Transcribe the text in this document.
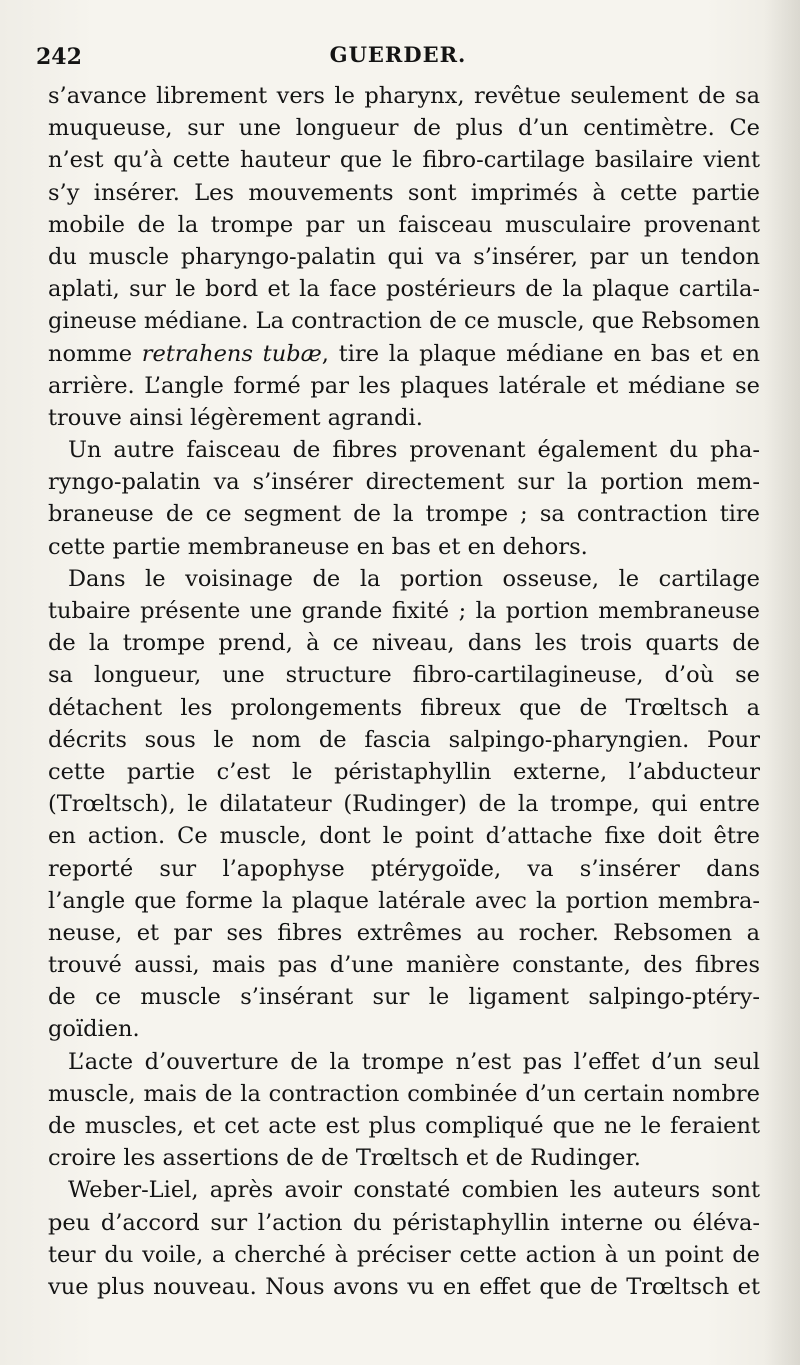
242	GUERDER.
s’avance librement vers le pharynx, revêtue seulement de sa
muqueuse, sur une longueur de plus d’un centimètre. Ce
n’est qu’à cette hauteur que le fibro-cartilage basilaire vient
s’y insérer. Les mouvements sont imprimés à cette partie
mobile de la trompe par un faisceau musculaire provenant
du muscle pharyngo-palatin qui va s’insérer, par un tendon
aplati, sur le bord et la face postérieurs de la plaque cartila-
gineuse médiane. La contraction de ce muscle, que Rebsomen
nomme retrahens tubæ, tire la plaque médiane en bas et en
arrière. L’angle formé par les plaques latérale et médiane se
trouve ainsi légèrement agrandi.
Un autre faisceau de fibres provenant également du pha-
ryngo-palatin va s’insérer directement sur la portion mem-
braneuse de ce segment de la trompe ; sa contraction tire
cette partie membraneuse en bas et en dehors.
Dans le voisinage de la portion osseuse, le cartilage
tubaire présente une grande fixité ; la portion membraneuse
de la trompe prend, à ce niveau, dans les trois quarts de
sa longueur, une structure fibro-cartilagineuse, d’où se
détachent les prolongements fibreux que de Trœltsch a
décrits sous le nom de fascia salpingo-pharyngien. Pour
cette partie c’est le péristaphyllin externe, l’abducteur
(Trœltsch), le dilatateur (Rudinger) de la trompe, qui entre
en action. Ce muscle, dont le point d’attache fixe doit être
reporté sur l’apophyse ptérygoïde, va s’insérer dans
l’angle que forme la plaque latérale avec la portion membra-
neuse, et par ses fibres extrêmes au rocher. Rebsomen a
trouvé aussi, mais pas d’une manière constante, des fibres
de ce muscle s’insérant sur le ligament salpingo-ptéry-
goïdien.
L’acte d’ouverture de la trompe n’est pas l’effet d’un seul
muscle, mais de la contraction combinée d’un certain nombre
de muscles, et cet acte est plus compliqué que ne le feraient
croire les assertions de de Trœltsch et de Rudinger.
Weber-Liel, après avoir constaté combien les auteurs sont
peu d’accord sur l’action du péristaphyllin interne ou éléva-
teur du voile, a cherché à préciser cette action à un point de
vue plus nouveau. Nous avons vu en effet que de Trœltsch et
